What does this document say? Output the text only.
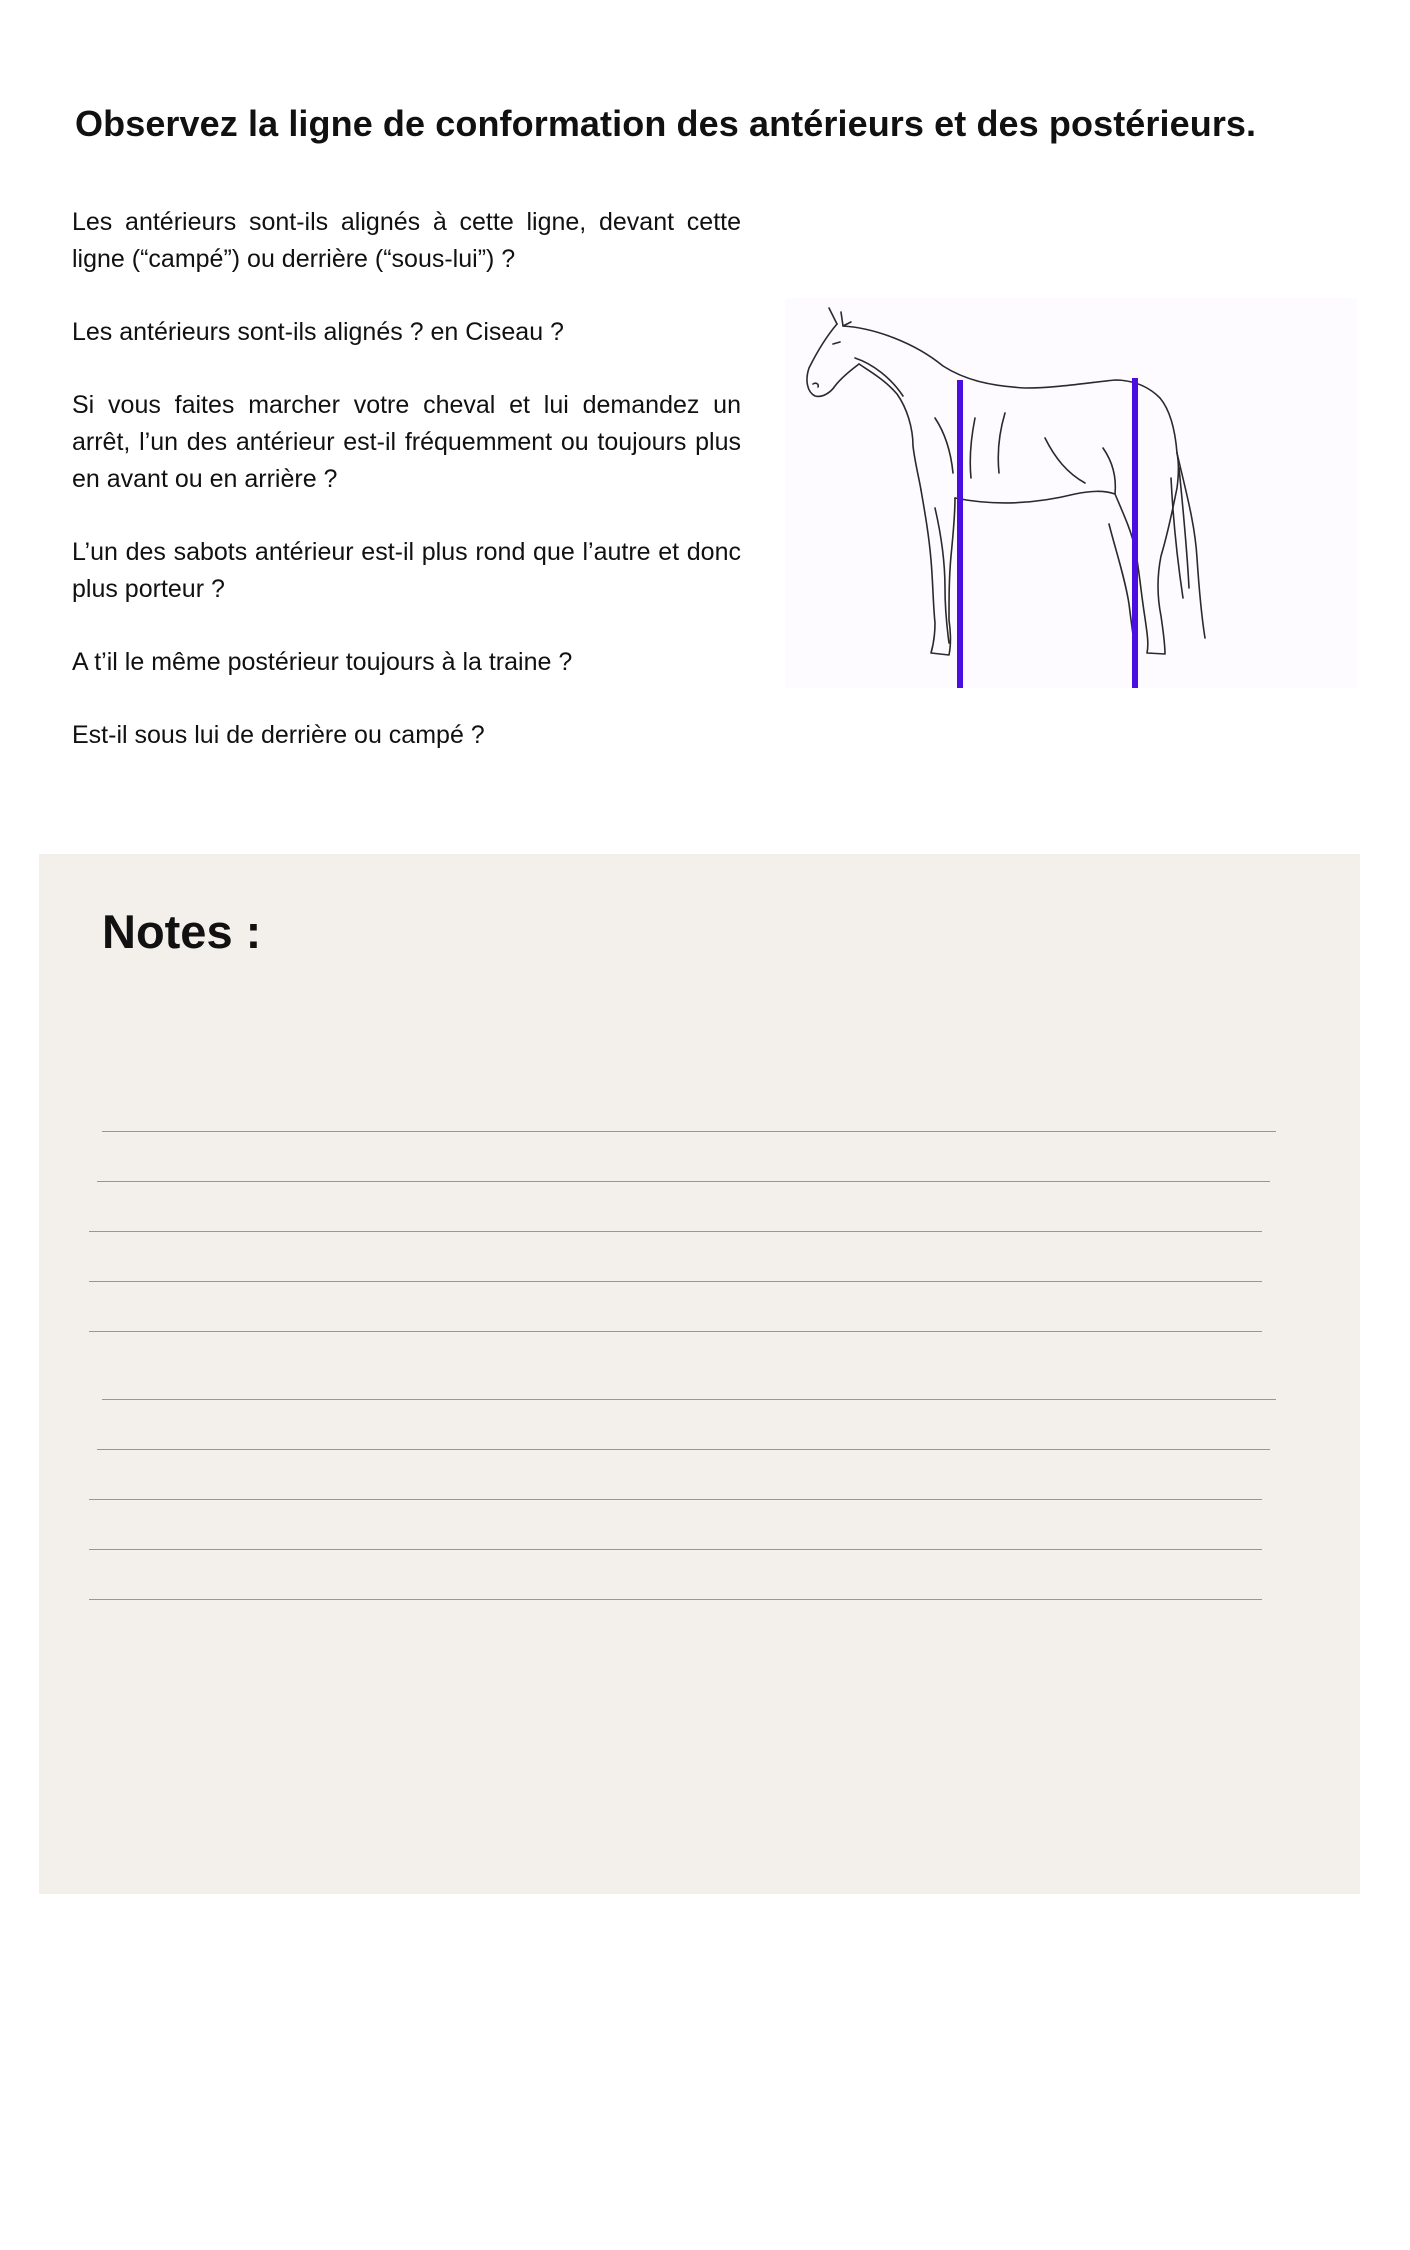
Observez la ligne de conformation des antérieurs et des postérieurs.

Les antérieurs sont-ils alignés à cette ligne, devant cette ligne (“campé”) ou derrière (“sous-lui”) ?

Les antérieurs sont-ils alignés ? en Ciseau ?

Si vous faites marcher votre cheval et lui demandez un arrêt, l’un des antérieur est-il fréquemment ou toujours plus en avant ou en arrière ?

L’un des sabots antérieur est-il plus rond que l’autre et donc plus porteur ?

A t’il le même postérieur toujours à la traine ?

Est-il sous lui de derrière ou campé ?

Notes :
